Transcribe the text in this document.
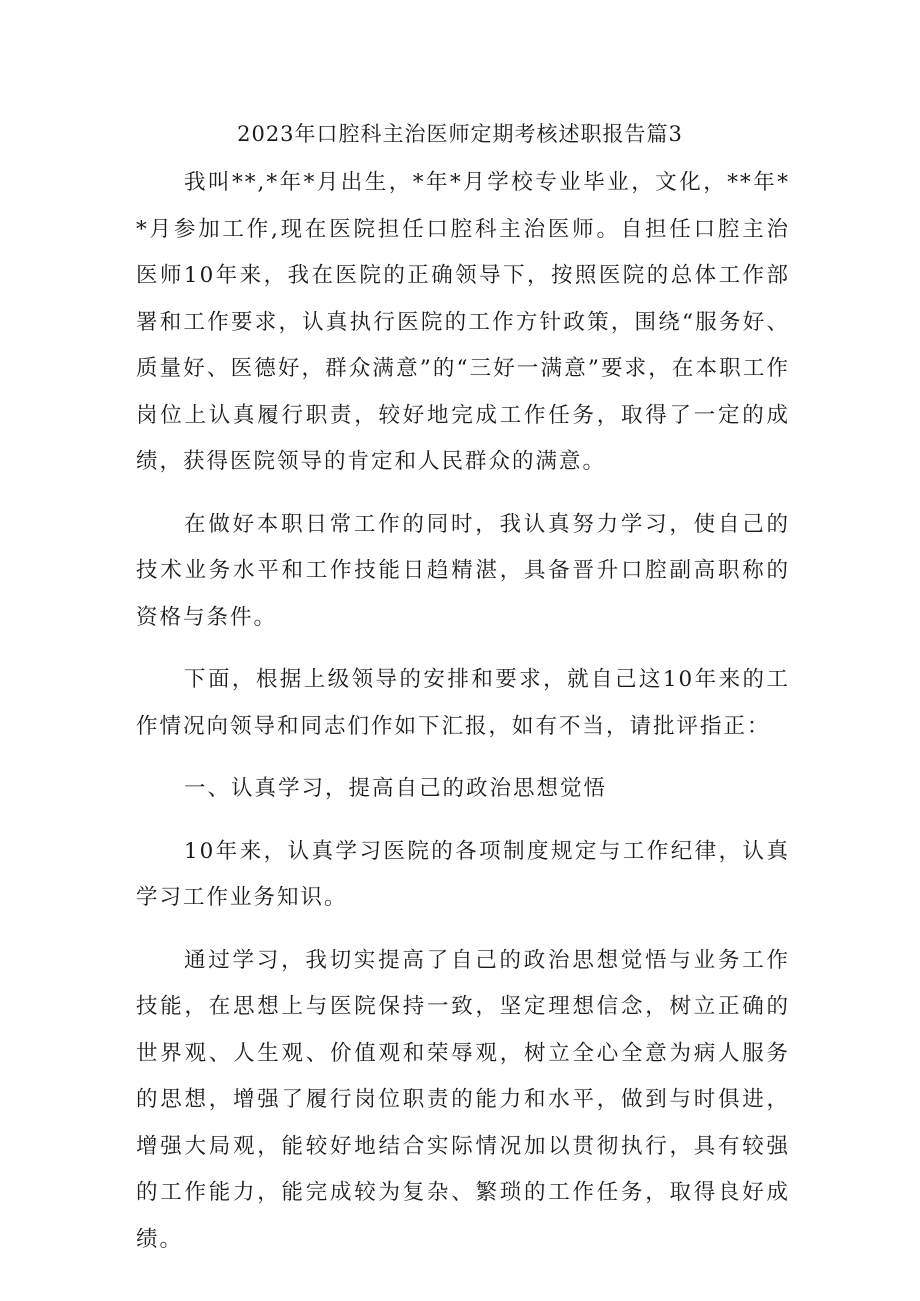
2023年口腔科主治医师定期考核述职报告篇3

我叫**,*年*月出生，*年*月学校专业毕业，文化，**年**月参加工作,现在医院担任口腔科主治医师。自担任口腔主治医师10年来，我在医院的正确领导下，按照医院的总体工作部署和工作要求，认真执行医院的工作方针政策，围绕“服务好、质量好、医德好，群众满意”的“三好一满意”要求，在本职工作岗位上认真履行职责，较好地完成工作任务，取得了一定的成绩，获得医院领导的肯定和人民群众的满意。

在做好本职日常工作的同时，我认真努力学习，使自己的技术业务水平和工作技能日趋精湛，具备晋升口腔副高职称的资格与条件。

下面，根据上级领导的安排和要求，就自己这10年来的工作情况向领导和同志们作如下汇报，如有不当，请批评指正：

一、认真学习，提高自己的政治思想觉悟

10年来，认真学习医院的各项制度规定与工作纪律，认真学习工作业务知识。

通过学习，我切实提高了自己的政治思想觉悟与业务工作技能，在思想上与医院保持一致，坚定理想信念，树立正确的世界观、人生观、价值观和荣辱观，树立全心全意为病人服务的思想，增强了履行岗位职责的能力和水平，做到与时俱进，增强大局观，能较好地结合实际情况加以贯彻执行，具有较强的工作能力，能完成较为复杂、繁琐的工作任务，取得良好成绩。
